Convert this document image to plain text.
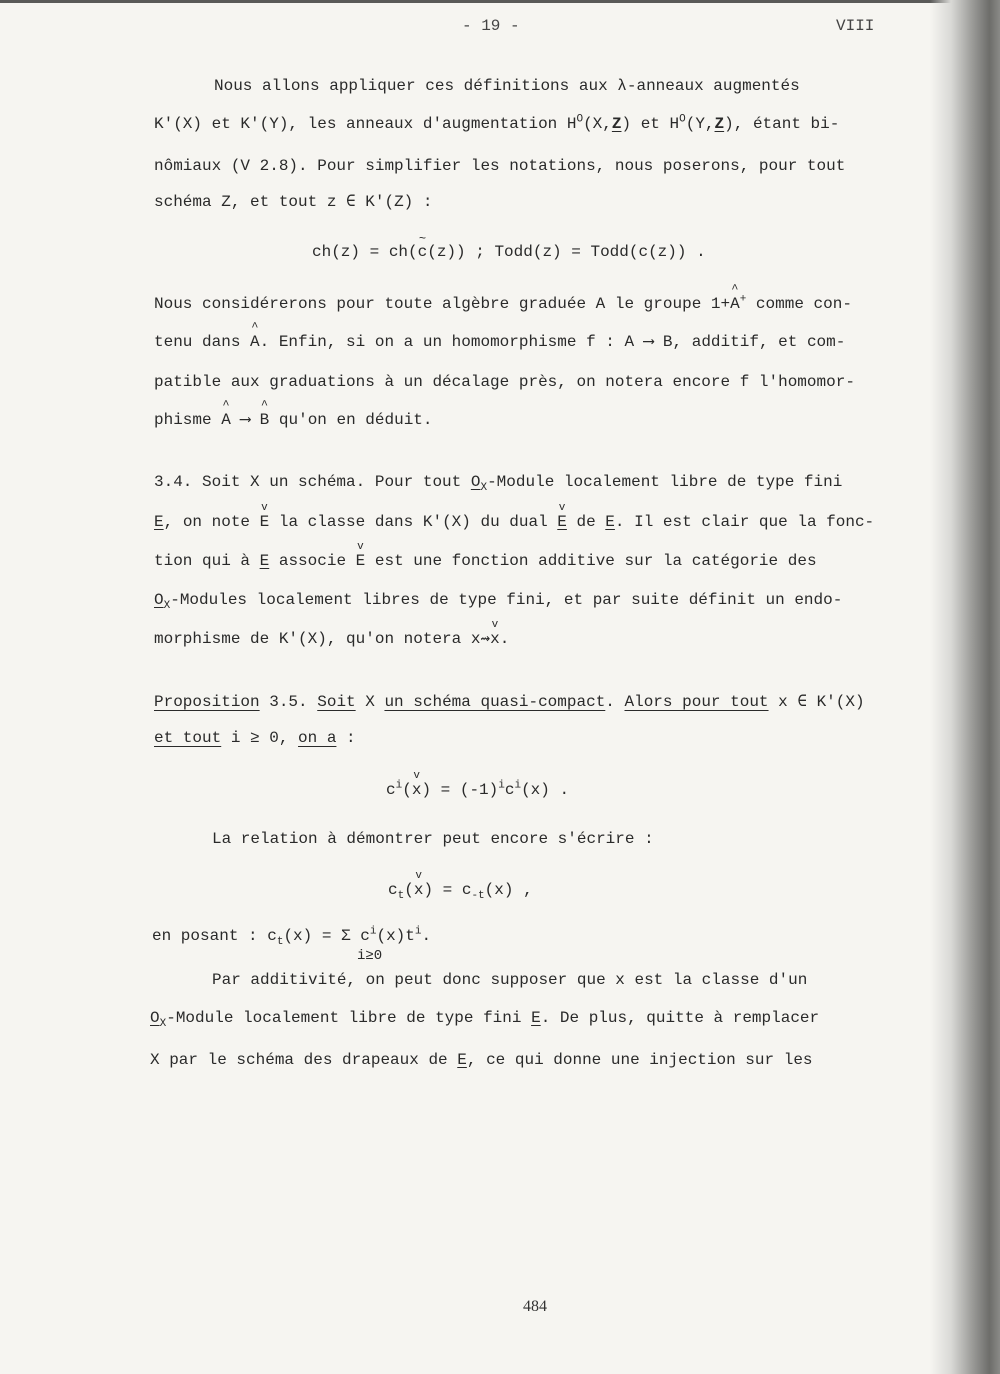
- 19 -	VIII
Nous allons appliquer ces définitions aux λ-anneaux augmentés
K'(X) et K'(Y), les anneaux d'augmentation $H^O(X,Z)$ et $H^O(Y,Z)$, étant bi-
nômiaux (V 2.8). Pour simplifier les notations, nous poserons, pour tout
schéma Z, et tout z ∈ K'(Z) :
ch(z) = ch(~ c(z)) ; Todd(z) = Todd(c(z)) .
Nous considérerons pour toute algèbre graduée A le groupe 1+^ A+ comme con-
tenu dans ^ A. Enfin, si on a un homomorphisme f : A ⟶ B, additif, et com-
patible aux graduations à un décalage près, on notera encore f l'homomor-
phisme ^ A ⟶ ^ B qu'on en déduit.
3.4. Soit X un schéma. Pour tout $O_X$-Module localement libre de type fini
E, on note v E la classe dans K'(X) du dual v E de E. Il est clair que la fonc-
tion qui à E associe v E est une fonction additive sur la catégorie des
$O_X$-Modules localement libres de type fini, et par suite définit un endo-
morphisme de K'(X), qu'on notera x⇝v x.
Proposition 3.5. Soit X un schéma quasi-compact. Alors pour tout x ∈ K'(X)
et tout i ≥ 0, on a :
$c^i(v$ $x) = (-1)^ic^i(x)$ .
La relation à démontrer peut encore s'écrire :
$c_t(v$ $x) = c_{-t}(x)$ ,
en posant : $c_t(x) = \Sigma$ $c^i(x)t^i$.
i≥0
Par additivité, on peut donc supposer que x est la classe d'un
$O_X$-Module localement libre de type fini E. De plus, quitte à remplacer
X par le schéma des drapeaux de E, ce qui donne une injection sur les
484
